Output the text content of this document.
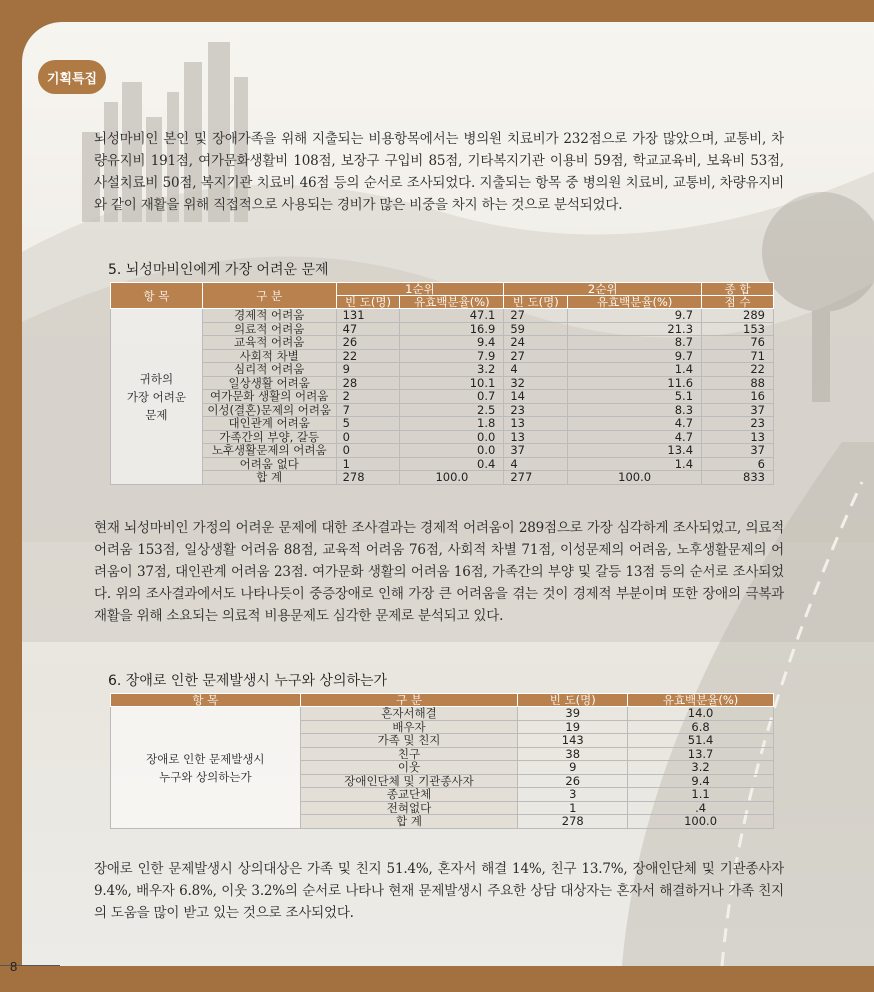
기획특집

뇌성마비인 본인 및 장애가족을 위해 지출되는 비용항목에서는 병의원 치료비가 232점으로 가장 많았으며, 교통비, 차량유지비 191점, 여가문화생활비 108점, 보장구 구입비 85점, 기타복지기관 이용비 59점, 학교교육비, 보육비 53점, 사설치료비 50점, 복지기관 치료비 46점 등의 순서로 조사되었다. 지출되는 항목 중 병의원 치료비, 교통비, 차량유지비와 같이 재활을 위해 직접적으로 사용되는 경비가 많은 비중을 차지 하는 것으로 분석되었다.

5. 뇌성마비인에게 가장 어려운 문제
항 목	구 분	1순위		2순위		종 합
		빈 도(명)	유효백분율(%)	빈 도(명)	유효백분율(%)	점 수

귀하의
가장 어려운
문제	경제적 어려움	131	47.1	27	9.7	289
	의료적 어려움	47	16.9	59	21.3	153
	교육적 어려움	26	9.4	24	8.7	76
	사회적 차별	22	7.9	27	9.7	71
	심리적 어려움	9	3.2	4	1.4	22
	일상생활 어려움	28	10.1	32	11.6	88
	여가문화 생활의 어려움	2	0.7	14	5.1	16
	이성(결혼)문제의 어려움	7	2.5	23	8.3	37
	대인관계 어려움	5	1.8	13	4.7	23
	가족간의 부양, 갈등	0	0.0	13	4.7	13
	노후생활문제의 어려움	0	0.0	37	13.4	37
	어려움 없다	1	0.4	4	1.4	6
	합 계	278	100.0	277	100.0	833

현재 뇌성마비인 가정의 어려운 문제에 대한 조사결과는 경제적 어려움이 289점으로 가장 심각하게 조사되었고, 의료적 어려움 153점, 일상생활 어려움 88점, 교육적 어려움 76점, 사회적 차별 71점, 이성문제의 어려움, 노후생활문제의 어려움이 37점, 대인관계 어려움 23점. 여가문화 생활의 어려움 16점, 가족간의 부양 및 갈등 13점 등의 순서로 조사되었다. 위의 조사결과에서도 나타나듯이 중증장애로 인해 가장 큰 어려움을 겪는 것이 경제적 부분이며 또한 장애의 극복과 재활을 위해 소요되는 의료적 비용문제도 심각한 문제로 분석되고 있다.

6. 장애로 인한 문제발생시 누구와 상의하는가
항 목	구 분	빈 도(명)	유효백분율(%)

장애로 인한 문제발생시
누구와 상의하는가	혼자서해결	39	14.0
	배우자	19	6.8
	가족 및 친지	143	51.4
	친구	38	13.7
	이웃	9	3.2
	장애인단체 및 기관종사자	26	9.4
	종교단체	3	1.1
	전혀없다	1	.4
	합 계	278	100.0

장애로 인한 문제발생시 상의대상은 가족 및 친지 51.4%, 혼자서 해결 14%, 친구 13.7%, 장애인단체 및 기관종사자 9.4%, 배우자 6.8%, 이웃 3.2%의 순서로 나타나 현재 문제발생시 주요한 상담 대상자는 혼자서 해결하거나 가족 친지의 도움을 많이 받고 있는 것으로 조사되었다.

8
